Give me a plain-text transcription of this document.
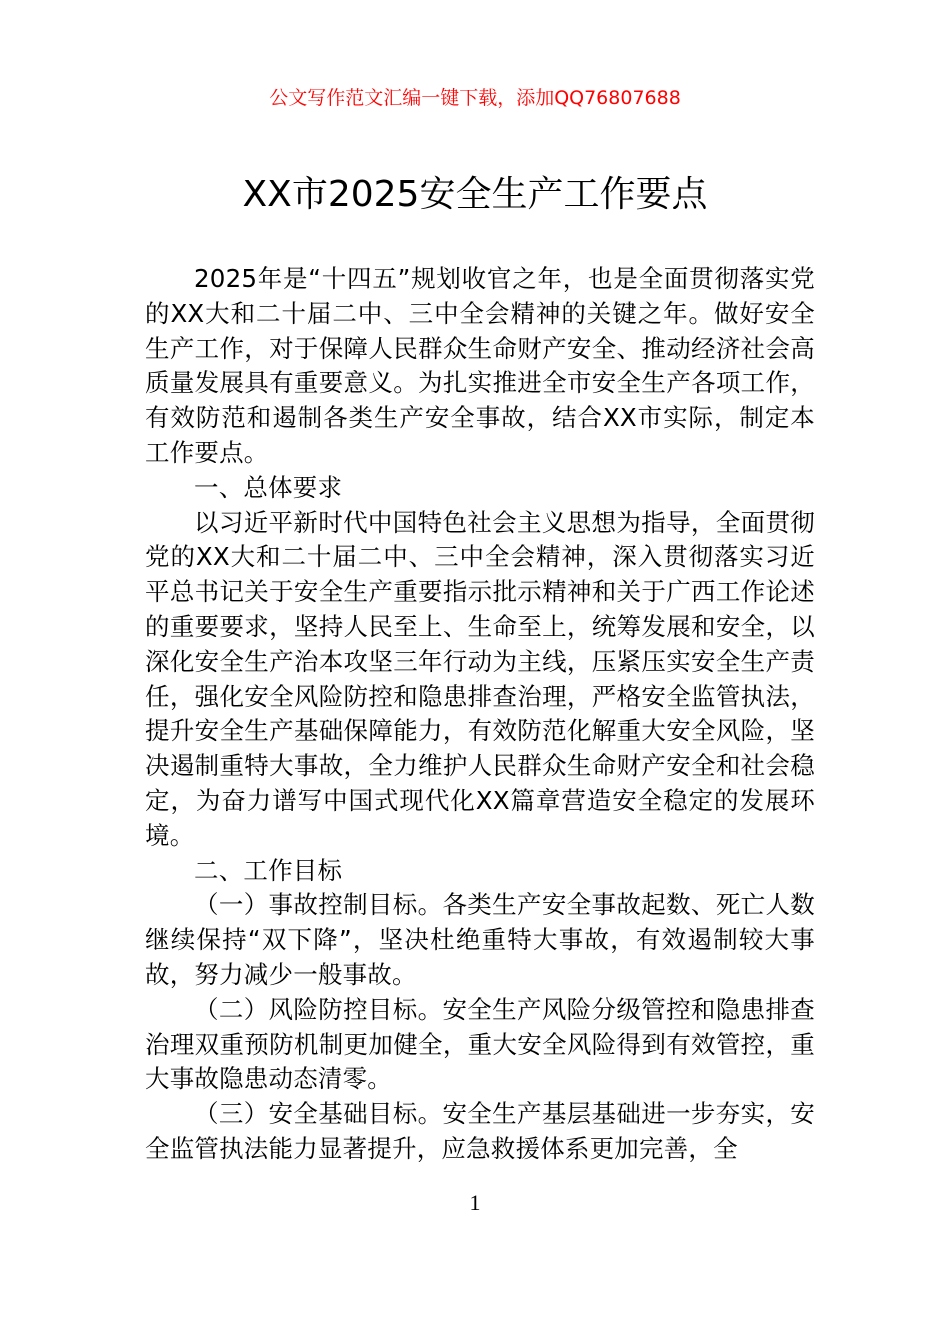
公文写作范文汇编一键下载，添加QQ76807688
XX市2025安全生产工作要点

2025年是“十四五”规划收官之年，也是全面贯彻落实党的XX大和二十届二中、三中全会精神的关键之年。做好安全生产工作，对于保障人民群众生命财产安全、推动经济社会高质量发展具有重要意义。为扎实推进全市安全生产各项工作，有效防范和遏制各类生产安全事故，结合XX市实际，制定本工作要点。

一、总体要求

以习近平新时代中国特色社会主义思想为指导，全面贯彻党的XX大和二十届二中、三中全会精神，深入贯彻落实习近平总书记关于安全生产重要指示批示精神和关于广西工作论述的重要要求，坚持人民至上、生命至上，统筹发展和安全，以深化安全生产治本攻坚三年行动为主线，压紧压实安全生产责任，强化安全风险防控和隐患排查治理，严格安全监管执法，提升安全生产基础保障能力，有效防范化解重大安全风险，坚决遏制重特大事故，全力维护人民群众生命财产安全和社会稳定，为奋力谱写中国式现代化XX篇章营造安全稳定的发展环境。

二、工作目标

（一）事故控制目标。各类生产安全事故起数、死亡人数继续保持“双下降”，坚决杜绝重特大事故，有效遏制较大事故，努力减少一般事故。

（二）风险防控目标。安全生产风险分级管控和隐患排查治理双重预防机制更加健全，重大安全风险得到有效管控，重大事故隐患动态清零。

（三）安全基础目标。安全生产基层基础进一步夯实，安全监管执法能力显著提升，应急救援体系更加完善，全

1
